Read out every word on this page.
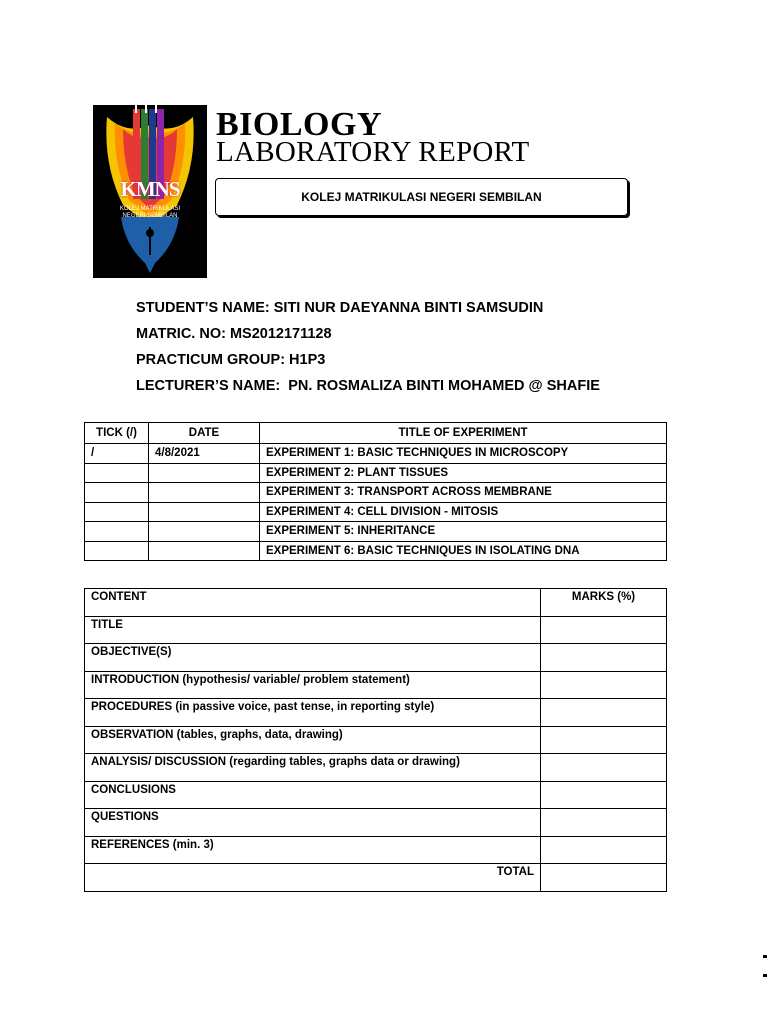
KMNS
KOLEJ MATRIKULASI
NEGERI SEMBILAN
BIOLOGY
LABORATORY REPORT
KOLEJ MATRIKULASI NEGERI SEMBILAN
STUDENT’S NAME: SITI NUR DAEYANNA BINTI SAMSUDIN
MATRIC. NO: MS2012171128
PRACTICUM GROUP: H1P3
LECTURER’S NAME:  PN. ROSMALIZA BINTI MOHAMED @ SHAFIE
TICK (/)	DATE	TITLE OF EXPERIMENT
/	4/8/2021	EXPERIMENT 1: BASIC TECHNIQUES IN MICROSCOPY
		EXPERIMENT 2: PLANT TISSUES
		EXPERIMENT 3: TRANSPORT ACROSS MEMBRANE
		EXPERIMENT 4: CELL DIVISION - MITOSIS
		EXPERIMENT 5: INHERITANCE
		EXPERIMENT 6: BASIC TECHNIQUES IN ISOLATING DNA
CONTENT	MARKS (%)
TITLE	
OBJECTIVE(S)	
INTRODUCTION (hypothesis/ variable/ problem statement)	
PROCEDURES (in passive voice, past tense, in reporting style)	
OBSERVATION (tables, graphs, data, drawing)	
ANALYSIS/ DISCUSSION (regarding tables, graphs data or drawing)	
CONCLUSIONS	
QUESTIONS	
REFERENCES (min. 3)	
TOTAL	
